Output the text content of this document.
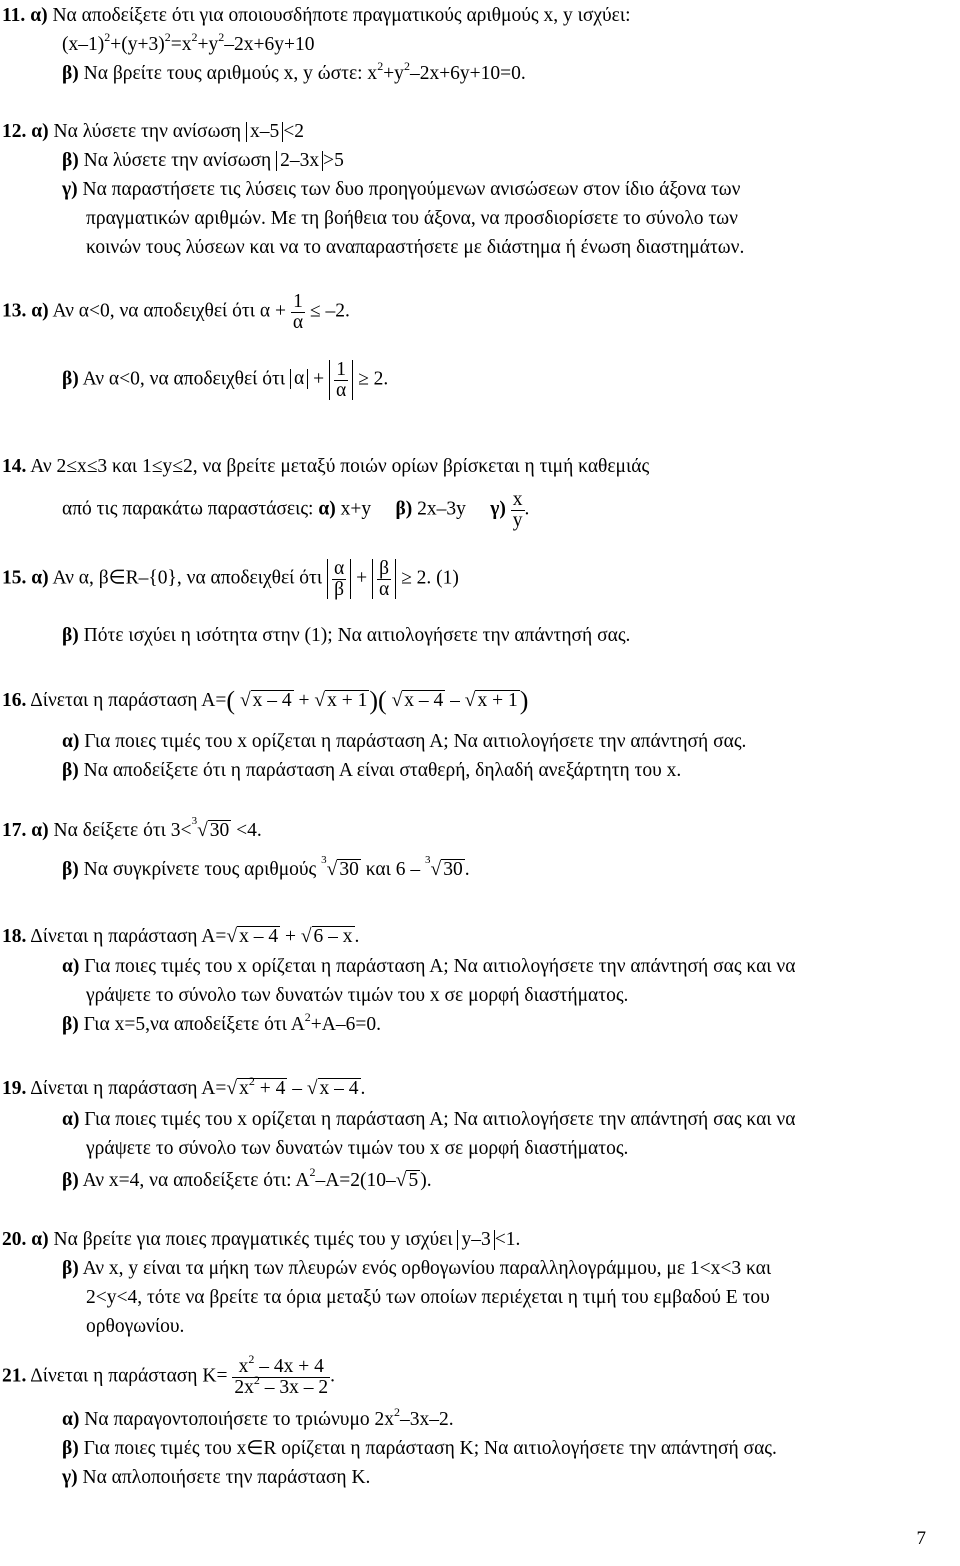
11. α) Να αποδείξετε ότι για οποιουσδήποτε πραγματικούς αριθμούς x, y ισχύει:
$(x-1)^2+(y+3)^2=x^2+y^2-2x+6y+10$
β) Να βρείτε τους αριθμούς x, y ώστε: $x^2+y^2-2x+6y+10=0$.
12. α) Να λύσετε την ανίσωση x–5 <2
β) Να λύσετε την ανίσωση 2–3x >5
γ) Να παραστήσετε τις λύσεις των δυο προηγούμενων ανισώσεων στον ίδιο άξονα των
πραγματικών αριθμών. Με τη βοήθεια του άξονα, να προσδιορίσετε το σύνολο των
κοινών τους λύσεων και να το αναπαραστήσετε με διάστημα ή ένωση διαστημάτων.
13. α) Αν α<0, να αποδειχθεί ότι $\alpha + \frac{1}{\alpha} \le -2$.
β) Αν α<0, να αποδειχθεί ότι $\alpha + \frac{1}{\alpha} \ge 2$.
14. Αν 2≤x≤3 και 1≤y≤2, να βρείτε μεταξύ ποιών ορίων βρίσκεται η τιμή καθεμιάς
από τις παρακάτω παραστάσεις: α) x+y β) 2x–3y $\gamma) \frac{x}{y}$ .
15. α) Αν α, β∈R–{0}, να αποδειχθεί ότι $\frac{\alpha}{\beta} + \frac{\beta}{\alpha} \ge 2$. (1)
β) Πότε ισχύει η ισότητα στην (1); Να αιτιολογήσετε την απάντησή σας.
16. Δίνεται η παράσταση Α=( √ x – 4 + √ x + 1)( √ x – 4 – √ x + 1)
α) Για ποιες τιμές του x ορίζεται η παράσταση Α; Να αιτιολογήσετε την απάντησή σας.
β) Να αποδείξετε ότι η παράσταση Α είναι σταθερή, δηλαδή ανεξάρτητη του x.
17. α) Να δείξετε ότι 3<$^3$√ 30 <4.
β) Να συγκρίνετε τους αριθμούς $^3$√ 30 και 6 – $^3$√ 30 .
18. Δίνεται η παράσταση Α=√ x – 4 + √ 6 – x .
α) Για ποιες τιμές του x ορίζεται η παράσταση Α; Να αιτιολογήσετε την απάντησή σας και να
γράψετε το σύνολο των δυνατών τιμών του x σε μορφή διαστήματος.
β) Για x=5,να αποδείξετε ότι $A^2+A-6=0$.
19. Δίνεται η παράσταση Α=√ $x^2 + 4$ – √ x – 4 .
α) Για ποιες τιμές του x ορίζεται η παράσταση Α; Να αιτιολογήσετε την απάντησή σας και να
γράψετε το σύνολο των δυνατών τιμών του x σε μορφή διαστήματος.
β) Αν x=4, να αποδείξετε ότι: $A^2-A=2(10-√$ 5 ).
20. α) Να βρείτε για ποιες πραγματικές τιμές του y ισχύει y–3 <1.
β) Αν x, y είναι τα μήκη των πλευρών ενός ορθογωνίου παραλληλογράμμου, με 1<x<3 και
2<y<4, τότε να βρείτε τα όρια μεταξύ των οποίων περιέχεται η τιμή του εμβαδού Ε του
ορθογωνίου.
21. Δίνεται η παράσταση $K= \frac{x^2 - 4x + 4}{2x^2 - 3x - 2}$ .
α) Να παραγοντοποιήσετε το τριώνυμο $2x^2-3x-2$.
β) Για ποιες τιμές του x∈R ορίζεται η παράσταση Κ; Να αιτιολογήσετε την απάντησή σας.
γ) Να απλοποιήσετε την παράσταση Κ.
7
